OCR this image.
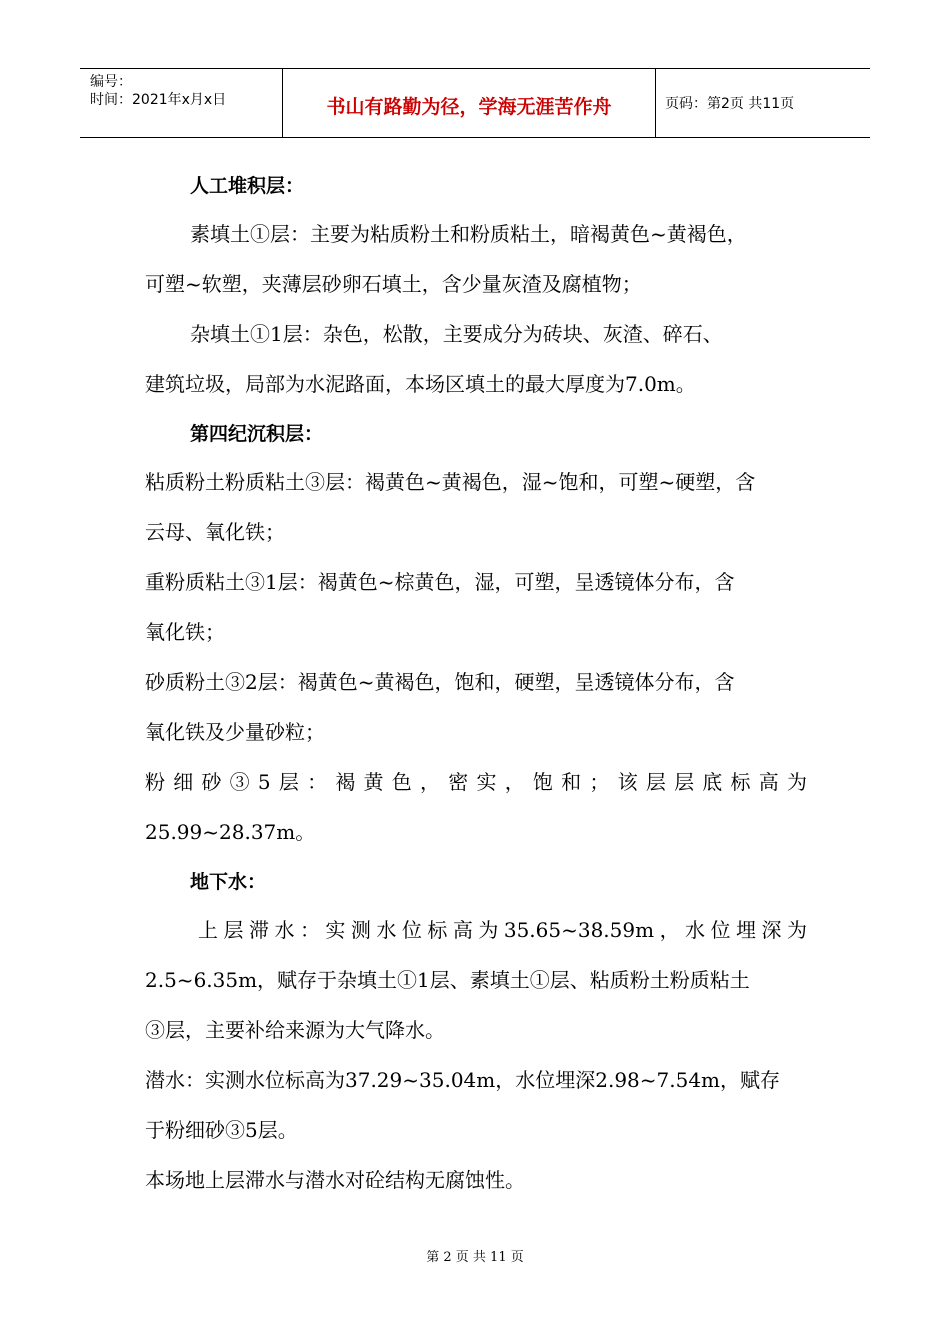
编号：
时间：2021年x月x日	书山有路勤为径，学海无涯苦作舟	页码：第2页 共11页

人工堆积层：

素填土①层：主要为粘质粉土和粉质粘土，暗褐黄色~黄褐色，

可塑~软塑，夹薄层砂卵石填土，含少量灰渣及腐植物；

杂填土①1层：杂色，松散，主要成分为砖块、灰渣、碎石、

建筑垃圾，局部为水泥路面，本场区填土的最大厚度为7.0m。

第四纪沉积层：

粘质粉土粉质粘土③层：褐黄色~黄褐色，湿~饱和，可塑~硬塑，含

云母、氧化铁；

重粉质粘土③1层：褐黄色~棕黄色，湿，可塑，呈透镜体分布，含

氧化铁；

砂质粉土③2层：褐黄色~黄褐色，饱和，硬塑，呈透镜体分布，含

氧化铁及少量砂粒；

粉细砂③5层：褐黄色，密实，饱和；该层层底标高为

25.99~28.37m。

地下水：

上层滞水：实测水位标高为35.65~38.59m，水位埋深为

2.5~6.35m，赋存于杂填土①1层、素填土①层、粘质粉土粉质粘土

③层，主要补给来源为大气降水。

潜水：实测水位标高为37.29~35.04m，水位埋深2.98~7.54m，赋存

于粉细砂③5层。

本场地上层滞水与潜水对砼结构无腐蚀性。

第 2 页 共 11 页
